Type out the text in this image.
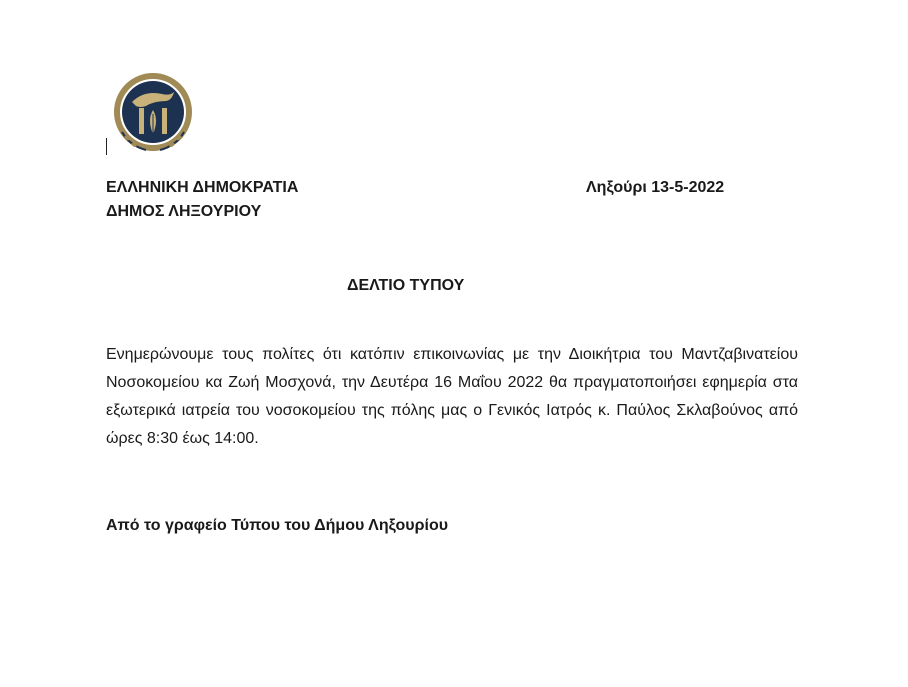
ΕΛΛΗΝΙΚΗ ΔΗΜΟΚΡΑΤΙΑ
ΔΗΜΟΣ ΛΗΞΟΥΡΙΟΥ
Ληξούρι 13-5-2022
ΔΕΛΤΙΟ ΤΥΠΟΥ

Ενημερώνουμε τους πολίτες ότι κατόπιν επικοινωνίας με την Διοικήτρια του Μαντζαβινατείου Νοσοκομείου κα Ζωή Μοσχονά, την Δευτέρα 16 Μαΐου 2022 θα πραγματοποιήσει εφημερία στα εξωτερικά ιατρεία του νοσοκομείου της πόλης μας ο Γενικός Ιατρός κ. Παύλος Σκλαβούνος από ώρες 8:30 έως 14:00.

Από το γραφείο Τύπου του Δήμου Ληξουρίου
